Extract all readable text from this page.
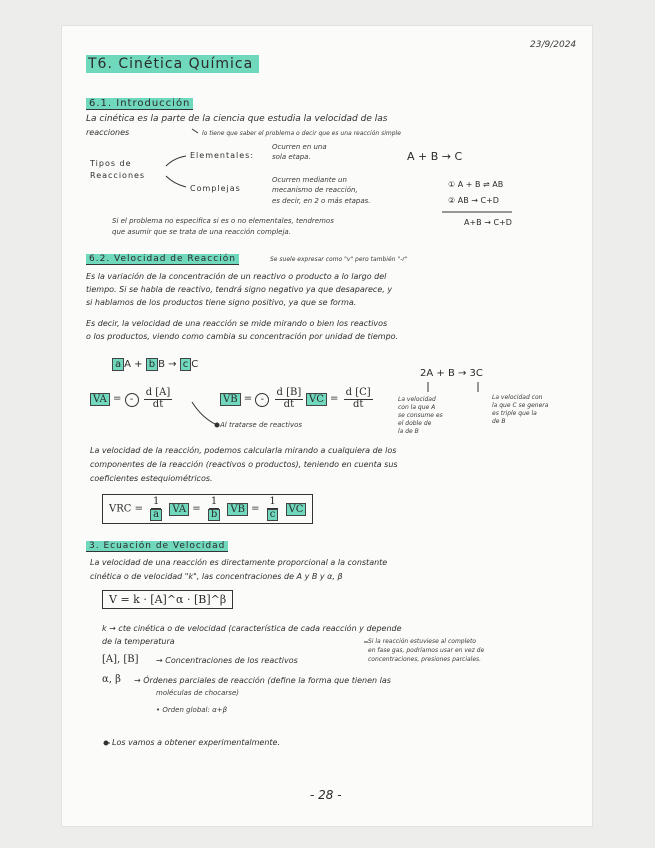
23/9/2024
T6. Cinética Química
6.1. Introducción
La cinética es la parte de la ciencia que estudia la velocidad de las
reacciones	lo tiene que saber el problema o decir que es una reacción simple
Tipos de
Reacciones
Elementales:
Ocurren en una
sola etapa.	A + B → C
Complejas
Ocurren mediante un
mecanismo de reacción,
es decir, en 2 o más etapas.
① A + B ⇌ AB
② AB → C+D
A+B → C+D
Si el problema no especifica si es o no elementales, tendremos
que asumir que se trata de una reacción compleja.
6.2. Velocidad de Reacción	Se suele expresar como "v" pero también "-r"
Es la variación de la concentración de un reactivo o producto a lo largo del
tiempo. Si se habla de reactivo, tendrá signo negativo ya que desaparece, y
si hablamos de los productos tiene signo positivo, ya que se forma.
Es decir, la velocidad de una reacción se mide mirando o bien los reactivos
o los productos, viendo como cambia su concentración por unidad de tiempo.
a A + b B → c C
VA = - $\frac{d [A]}{dt}$	VB = - $\frac{d [B]}{dt}$ VC = $\frac{d [C]}{dt}$
Al tratarse de reactivos
2A + B → 3C
La velocidad
con la que A
se consume es
el doble de
la de B
La velocidad con
la que C se genera
es triple que la
de B
La velocidad de la reacción, podemos calcularla mirando a cualquiera de los
componentes de la reacción (reactivos o productos), teniendo en cuenta sus
coeficientes estequiométricos.
VRC = $\frac{1}{a}$ VA = $\frac{1}{b}$ VB = $\frac{1}{c}$ VC
3. Ecuación de Velocidad
La velocidad de una reacción es directamente proporcional a la constante
cinética o de velocidad "k", las concentraciones de A y B y α, β
V = k · [A]^α · [B]^β
k → cte cinética o de velocidad (característica de cada reacción y depende
de la temperatura	Si la reacción estuviese al completo
en fase gas, podríamos usar en vez de
concentraciones, presiones parciales.
[A], [B] → Concentraciones de los reactivos
α, β → Órdenes parciales de reacción (define la forma que tienen las
moléculas de chocarse)
• Orden global: α+β
Los vamos a obtener experimentalmente.
- 28 -
